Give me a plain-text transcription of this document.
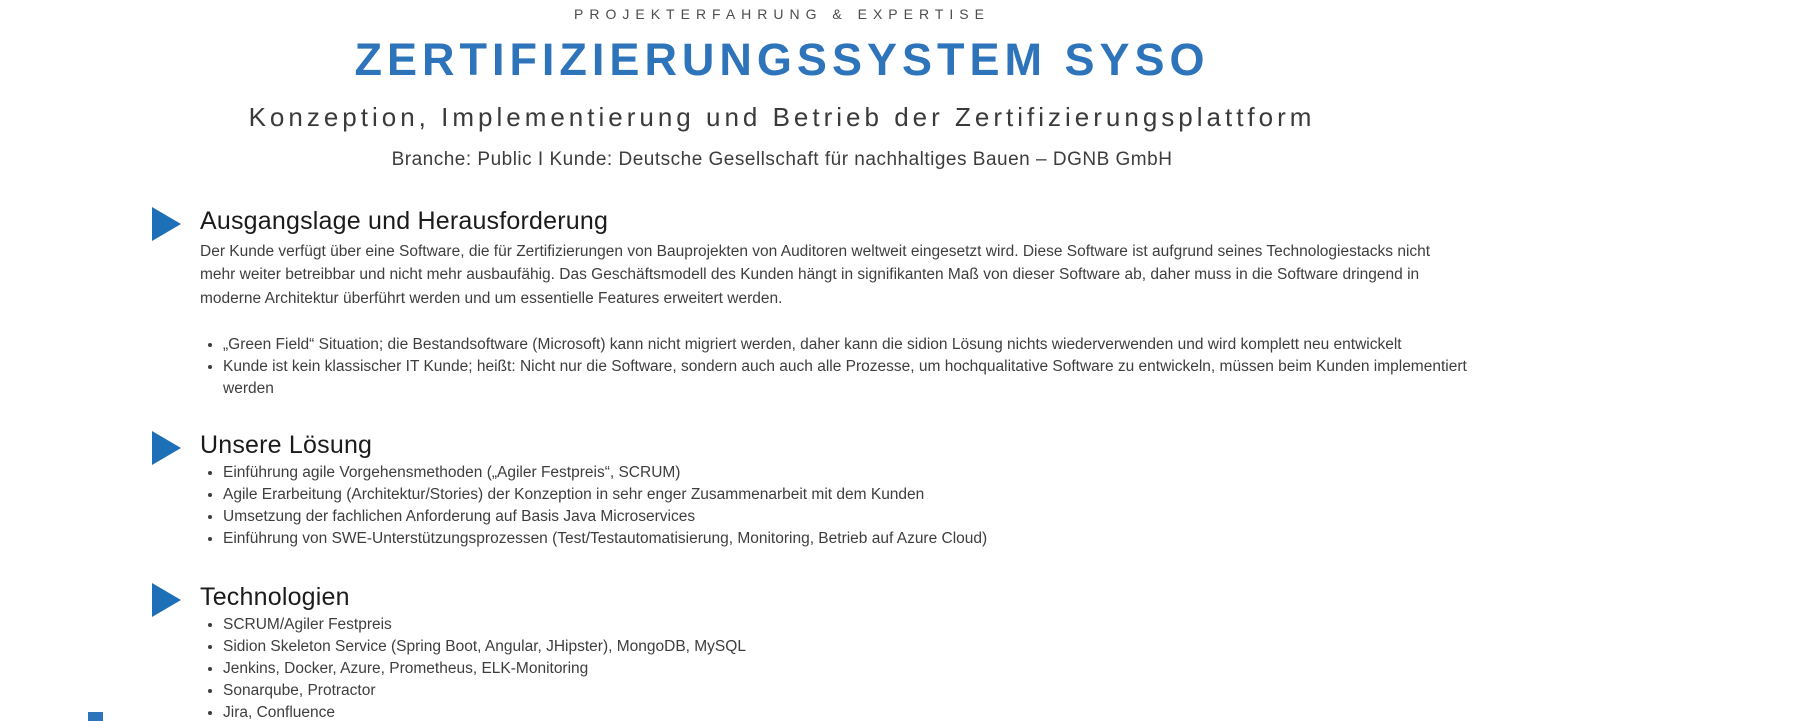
PROJEKTERFAHRUNG & EXPERTISE
ZERTIFIZIERUNGSSYSTEM SYSO
Konzeption, Implementierung und Betrieb der Zertifizierungsplattform
Branche: Public I Kunde: Deutsche Gesellschaft für nachhaltiges Bauen – DGNB GmbH
Ausgangslage und Herausforderung

Der Kunde verfügt über eine Software, die für Zertifizierungen von Bauprojekten von Auditoren weltweit eingesetzt wird. Diese Software ist aufgrund seines Technologiestacks nicht mehr weiter betreibbar und nicht mehr ausbaufähig. Das Geschäftsmodell des Kunden hängt in signifikanten Maß von dieser Software ab, daher muss in die Software dringend in moderne Architektur überführt werden und um essentielle Features erweitert werden.

• „Green Field“ Situation; die Bestandsoftware (Microsoft) kann nicht migriert werden, daher kann die sidion Lösung nichts wiederverwenden und wird komplett neu entwickelt
• Kunde ist kein klassischer IT Kunde; heißt: Nicht nur die Software, sondern auch auch alle Prozesse, um hochqualitative Software zu entwickeln, müssen beim Kunden implementiert werden
Unsere Lösung
• Einführung agile Vorgehensmethoden („Agiler Festpreis“, SCRUM)
• Agile Erarbeitung (Architektur/Stories) der Konzeption in sehr enger Zusammenarbeit mit dem Kunden
• Umsetzung der fachlichen Anforderung auf Basis Java Microservices
• Einführung von SWE-Unterstützungsprozessen (Test/Testautomatisierung, Monitoring, Betrieb auf Azure Cloud)
Technologien
• SCRUM/Agiler Festpreis
• Sidion Skeleton Service (Spring Boot, Angular, JHipster), MongoDB, MySQL
• Jenkins, Docker, Azure, Prometheus, ELK-Monitoring
• Sonarqube, Protractor
• Jira, Confluence
